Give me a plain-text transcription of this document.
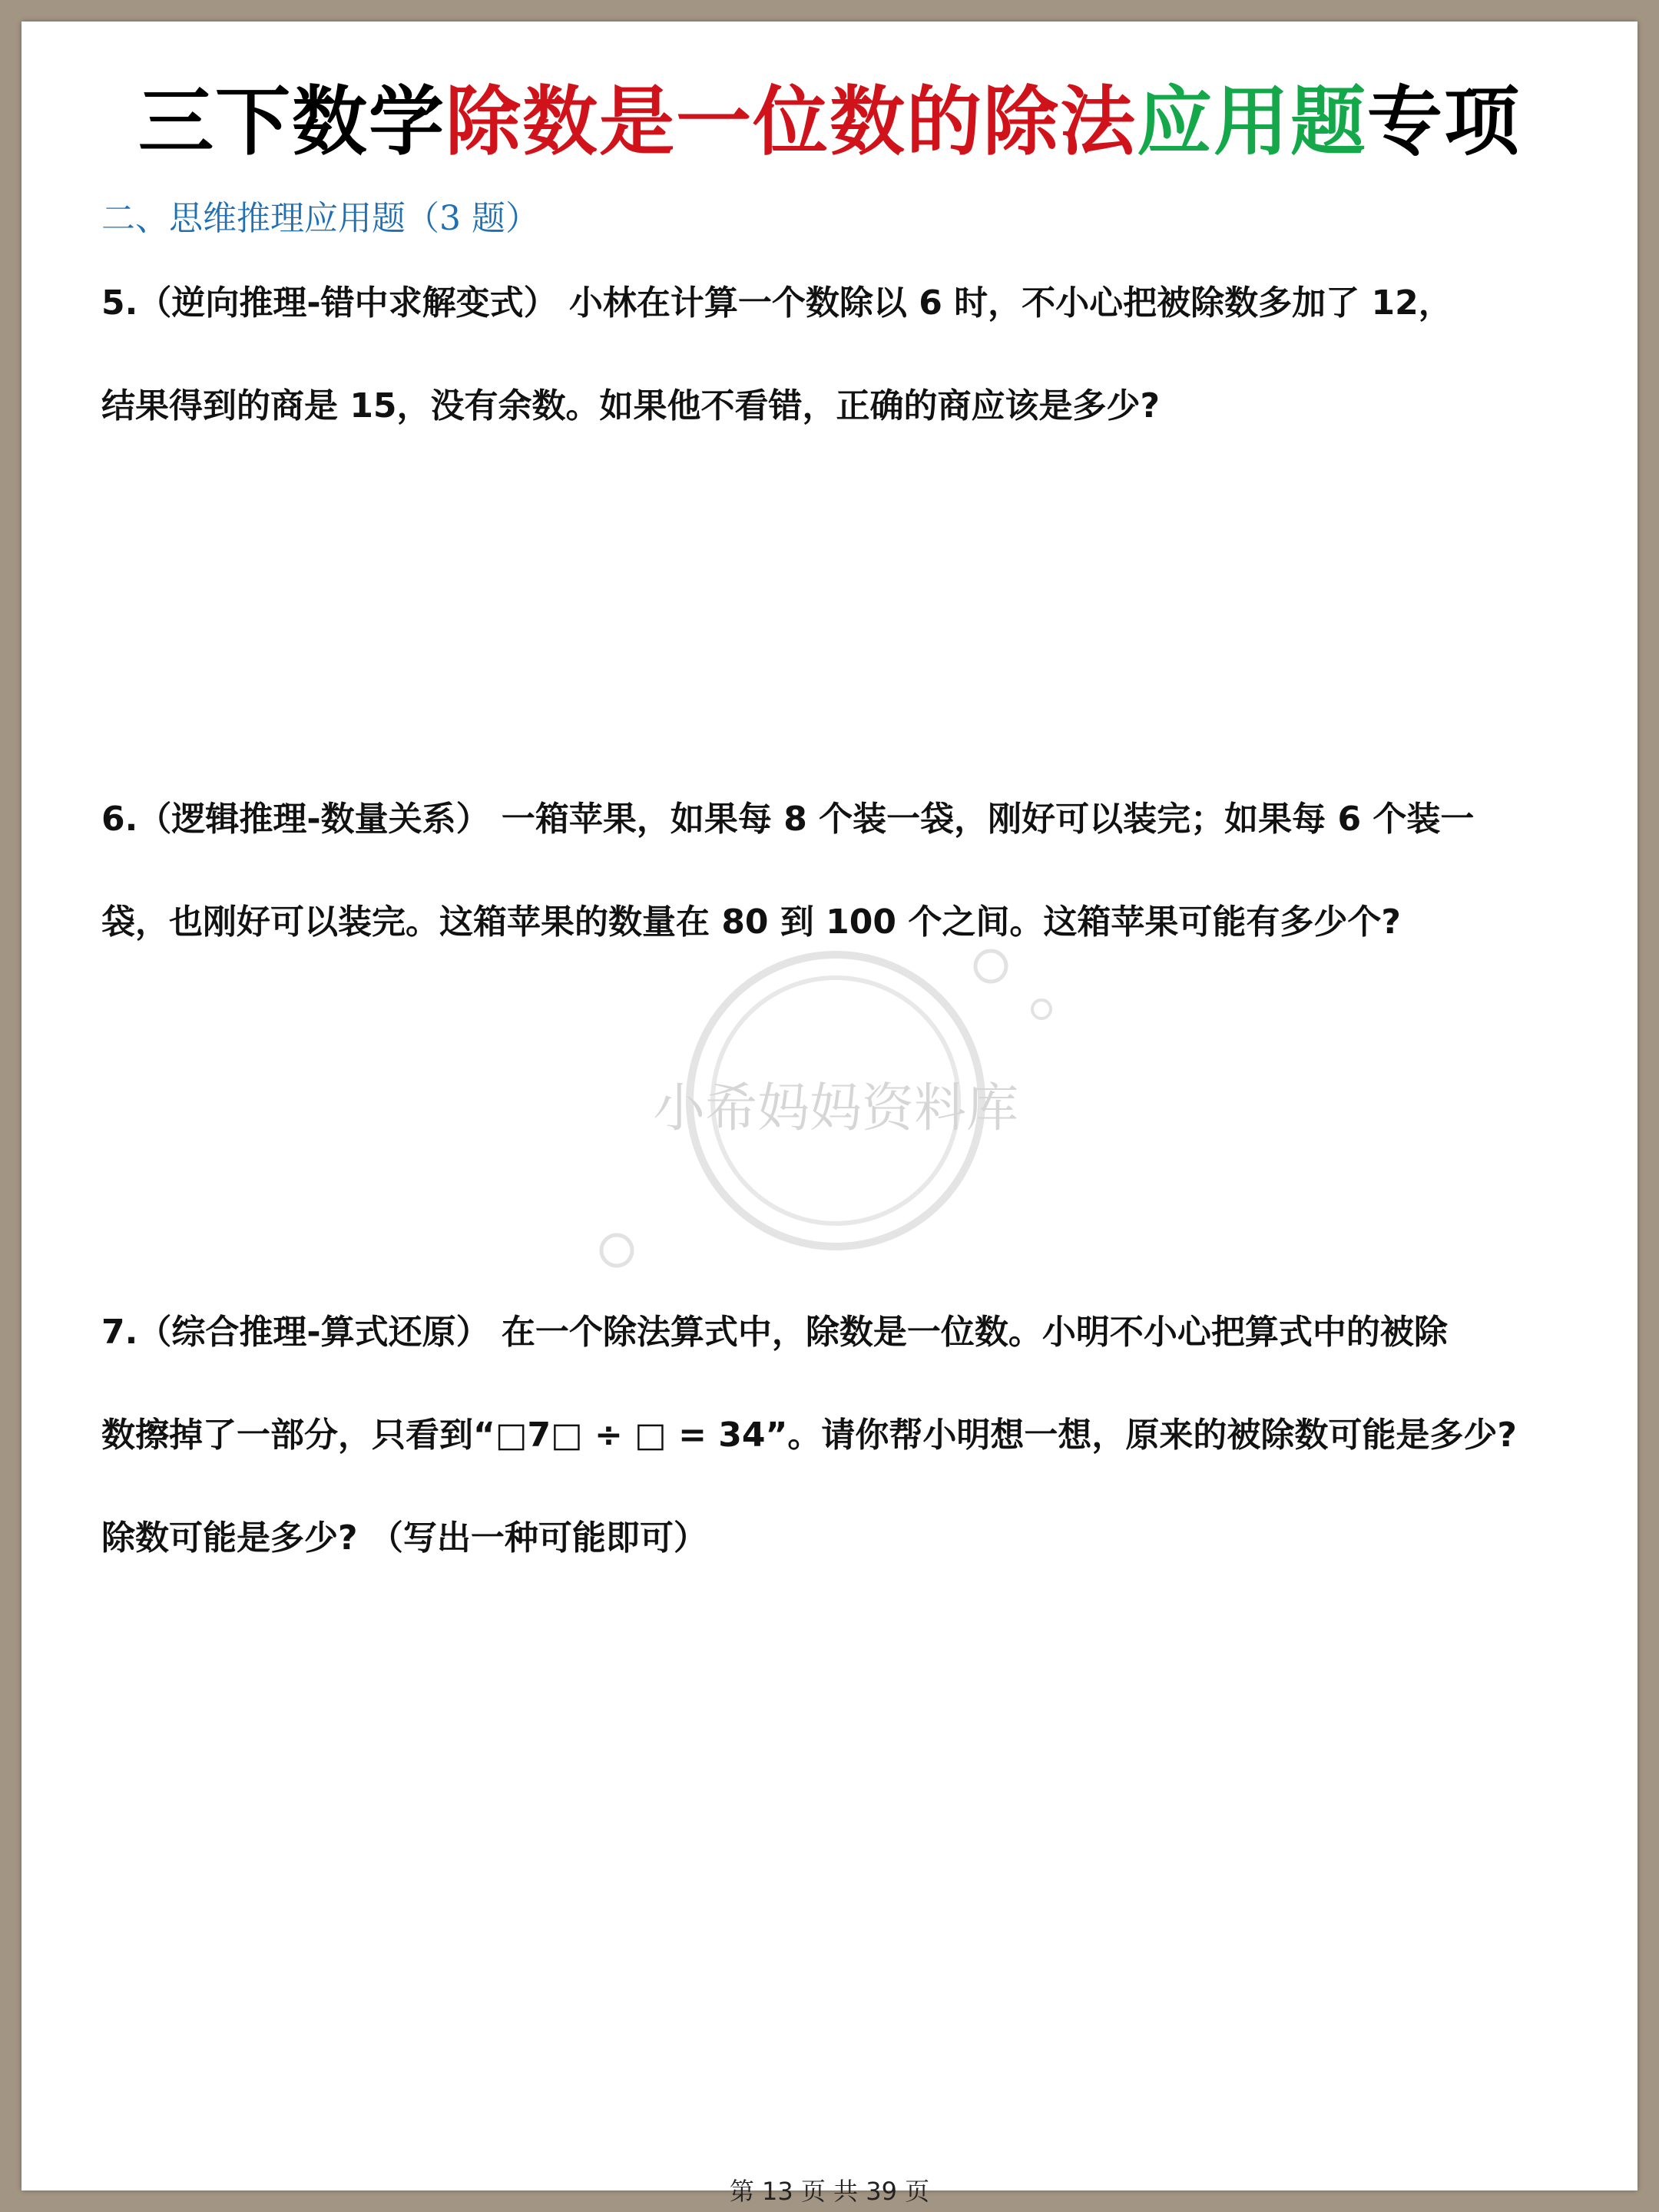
三下数学除数是一位数的除法应用题专项
二、思维推理应用题（3 题）
5.（逆向推理-错中求解变式） 小林在计算一个数除以 6 时，不小心把被除数多加了 12，
结果得到的商是 15，没有余数。如果他不看错，正确的商应该是多少?
6.（逻辑推理-数量关系） 一箱苹果，如果每 8 个装一袋，刚好可以装完；如果每 6 个装一
袋，也刚好可以装完。这箱苹果的数量在 80 到 100 个之间。这箱苹果可能有多少个?
小希妈妈资料库
7.（综合推理-算式还原） 在一个除法算式中，除数是一位数。小明不小心把算式中的被除
数擦掉了一部分，只看到“□7□ ÷ □ = 34”。请你帮小明想一想，原来的被除数可能是多少?
除数可能是多少? （写出一种可能即可）
第 13 页 共 39 页
